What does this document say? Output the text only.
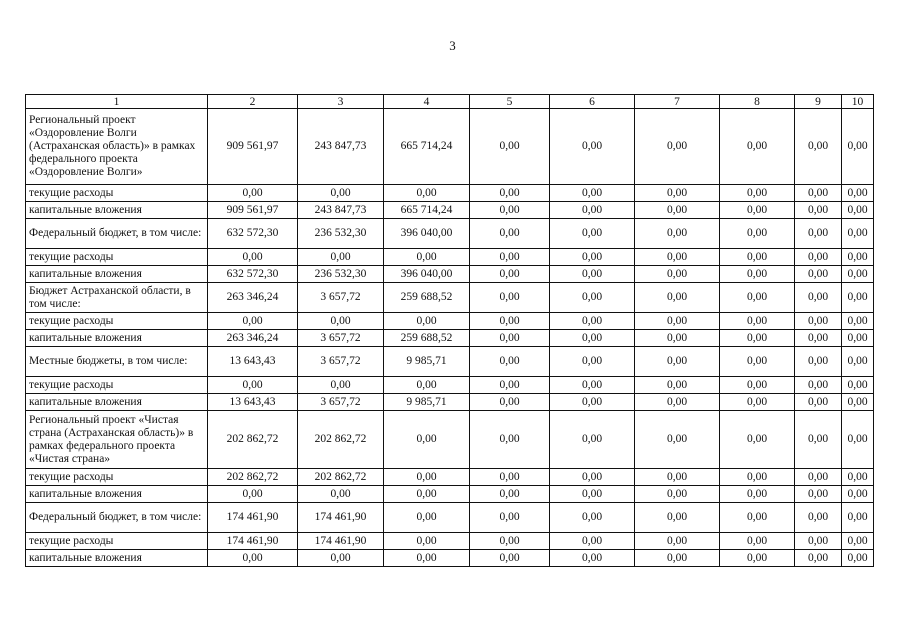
3
1	2	3	4	5	6	7	8	9	10
Региональный проект «Оздоровление Волги (Астраханская область)» в рамках федерального проекта «Оздоровление Волги»	909 561,97	243 847,73	665 714,24	0,00	0,00	0,00	0,00	0,00	0,00
текущие расходы	0,00	0,00	0,00	0,00	0,00	0,00	0,00	0,00	0,00
капитальные вложения	909 561,97	243 847,73	665 714,24	0,00	0,00	0,00	0,00	0,00	0,00
Федеральный бюджет, в том числе:	632 572,30	236 532,30	396 040,00	0,00	0,00	0,00	0,00	0,00	0,00
текущие расходы	0,00	0,00	0,00	0,00	0,00	0,00	0,00	0,00	0,00
капитальные вложения	632 572,30	236 532,30	396 040,00	0,00	0,00	0,00	0,00	0,00	0,00
Бюджет Астраханской области, в том числе:	263 346,24	3 657,72	259 688,52	0,00	0,00	0,00	0,00	0,00	0,00
текущие расходы	0,00	0,00	0,00	0,00	0,00	0,00	0,00	0,00	0,00
капитальные вложения	263 346,24	3 657,72	259 688,52	0,00	0,00	0,00	0,00	0,00	0,00
Местные бюджеты, в том числе:	13 643,43	3 657,72	9 985,71	0,00	0,00	0,00	0,00	0,00	0,00
текущие расходы	0,00	0,00	0,00	0,00	0,00	0,00	0,00	0,00	0,00
капитальные вложения	13 643,43	3 657,72	9 985,71	0,00	0,00	0,00	0,00	0,00	0,00
Региональный проект «Чистая страна (Астраханская область)» в рамках федерального проекта «Чистая страна»	202 862,72	202 862,72	0,00	0,00	0,00	0,00	0,00	0,00	0,00
текущие расходы	202 862,72	202 862,72	0,00	0,00	0,00	0,00	0,00	0,00	0,00
капитальные вложения	0,00	0,00	0,00	0,00	0,00	0,00	0,00	0,00	0,00
Федеральный бюджет, в том числе:	174 461,90	174 461,90	0,00	0,00	0,00	0,00	0,00	0,00	0,00
текущие расходы	174 461,90	174 461,90	0,00	0,00	0,00	0,00	0,00	0,00	0,00
капитальные вложения	0,00	0,00	0,00	0,00	0,00	0,00	0,00	0,00	0,00
